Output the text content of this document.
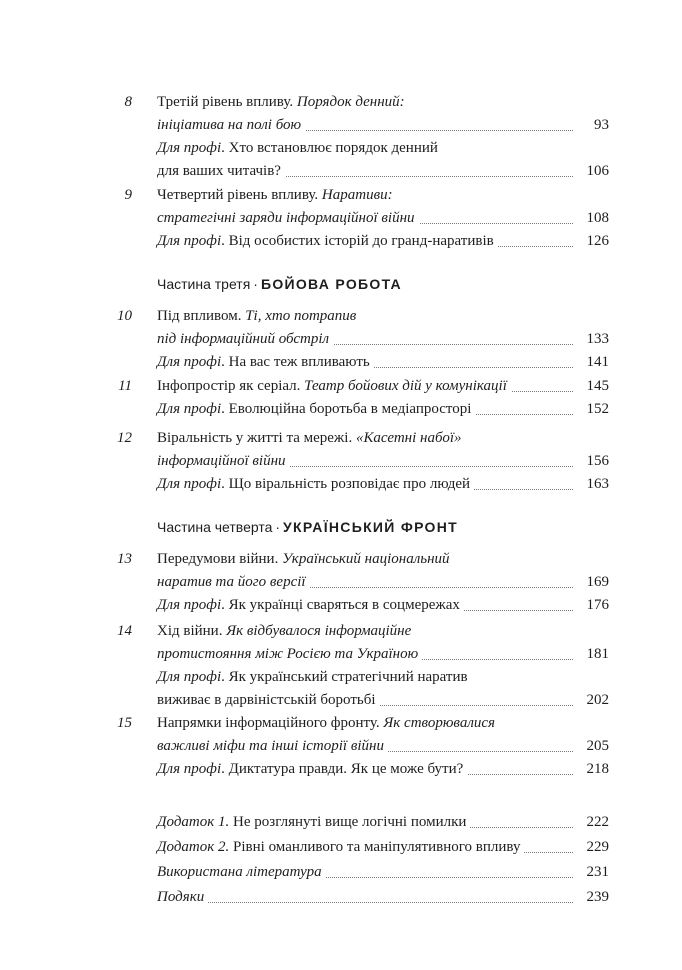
Частина третя · БОЙОВА РОБОТА
Частина четверта · УКРАЇНСЬКИЙ ФРОНТ
8 Третій рівень впливу. Порядок денний:
ініціатива на полі бою	93
Для профі. Хто встановлює порядок денний
для ваших читачів?	106
9 Четвертий рівень впливу. Наративи:
стратегічні заряди інформаційної війни	108
Для профі. Від особистих історій до гранд-наративів	126
10 Під впливом. Ті, хто потрапив
під інформаційний обстріл	133
Для профі. На вас теж впливають	141
11 Інфопростір як серіал. Театр бойових дій у комунікації	145
Для профі. Еволюційна боротьба в медіапросторі	152
12 Віральність у житті та мережі. «Касетні набої»
інформаційної війни	156
Для профі. Що віральність розповідає про людей	163
13 Передумови війни. Український національний
наратив та його версії	169
Для профі. Як українці сваряться в соцмережах	176
14 Хід війни. Як відбувалося інформаційне
протистояння між Росією та Україною	181
Для профі. Як український стратегічний наратив
виживає в дарвіністській боротьбі	202
15 Напрямки інформаційного фронту. Як створювалися
важливі міфи та інші історії війни	205
Для профі. Диктатура правди. Як це може бути?	218
Додаток 1. Не розглянуті вище логічні помилки	222
Додаток 2. Рівні оманливого та маніпулятивного впливу	229
Використана література	231
Подяки	239
